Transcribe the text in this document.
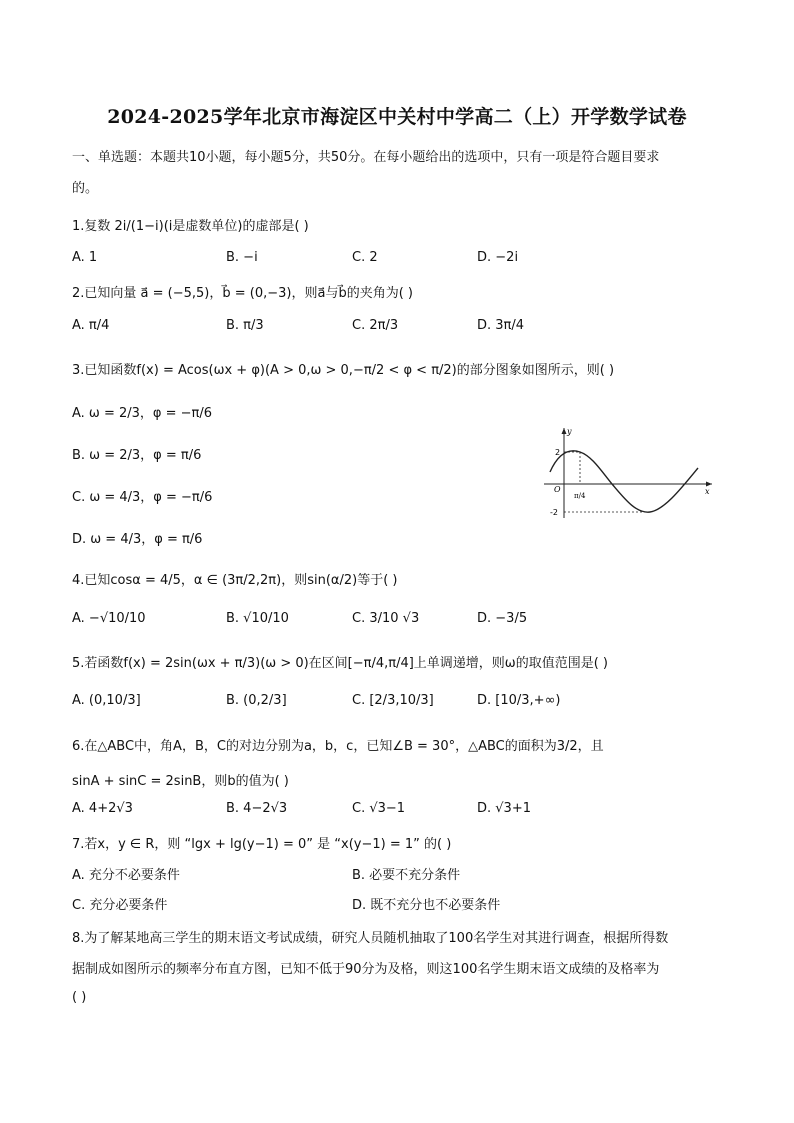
2024-2025学年北京市海淀区中关村中学高二（上）开学数学试卷
一、单选题：本题共10小题，每小题5分，共50分。在每小题给出的选项中，只有一项是符合题目要求
的。
1.复数 2i/(1−i)(i是虚数单位)的虚部是( )
A. 1	B. −i	C. 2	D. −2i
2.已知向量 a⃗ = (−5,5)，b⃗ = (0,−3)，则a⃗与b⃗的夹角为( )
A. π/4	B. π/3	C. 2π/3	D. 3π/4
3.已知函数f(x) = Acos(ωx + φ)(A > 0,ω > 0,−π/2 < φ < π/2)的部分图象如图所示，则( )
A. ω = 2/3，φ = −π/6
B. ω = 2/3，φ = π/6
C. ω = 4/3，φ = −π/6
D. ω = 4/3，φ = π/6
y
x
O
2
-2
π/4
4.已知cosα = 4/5，α ∈ (3π/2,2π)，则sin(α/2)等于( )
A. −√10/10	B. √10/10	C. 3/10 √3	D. −3/5
5.若函数f(x) = 2sin(ωx + π/3)(ω > 0)在区间[−π/4,π/4]上单调递增，则ω的取值范围是( )
A. (0,10/3]	B. (0,2/3]	C. [2/3,10/3]	D. [10/3,+∞)
6.在△ABC中，角A，B，C的对边分别为a，b，c，已知∠B = 30°，△ABC的面积为3/2，且
sinA + sinC = 2sinB，则b的值为( )
A. 4+2√3	B. 4−2√3	C. √3−1	D. √3+1
7.若x，y ∈ R，则 “lgx + lg(y−1) = 0” 是 “x(y−1) = 1” 的( )
A. 充分不必要条件	B. 必要不充分条件
C. 充分必要条件	D. 既不充分也不必要条件
8.为了解某地高三学生的期末语文考试成绩，研究人员随机抽取了100名学生对其进行调查，根据所得数
据制成如图所示的频率分布直方图，已知不低于90分为及格，则这100名学生期末语文成绩的及格率为
( )
